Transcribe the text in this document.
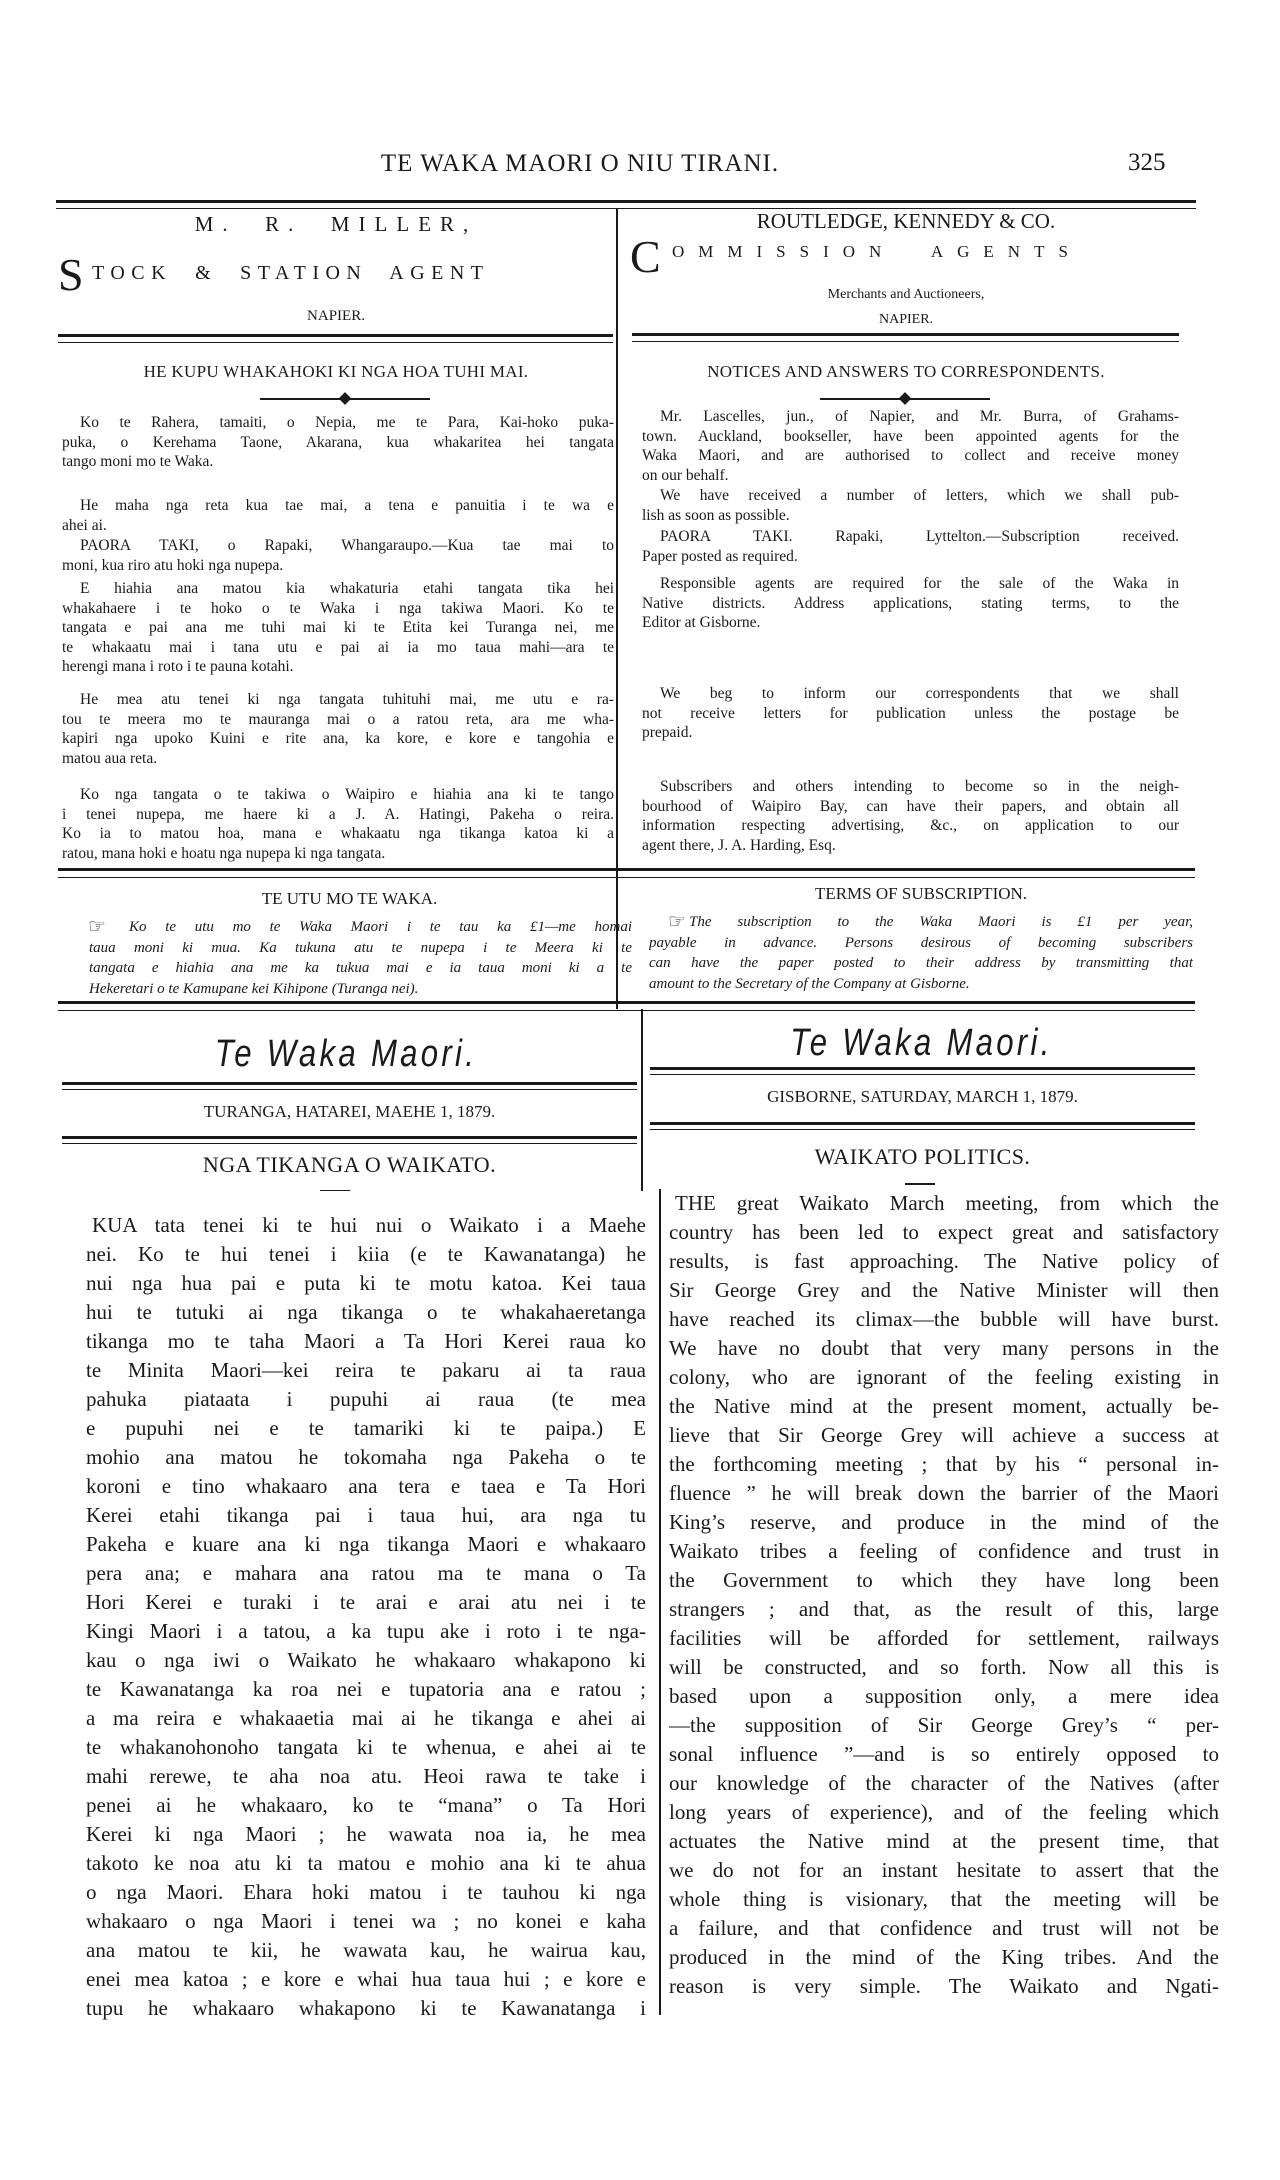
TE WAKA MAORI O NIU TIRANI.	325
M.  R.  MILLER,
S TOCK  &  STATION  AGENT
NAPIER.
ROUTLEDGE, KENNEDY & CO.
C OMMISSION  AGENTS
Merchants and Auctioneers,
NAPIER.
HE KUPU WHAKAHOKI KI NGA HOA TUHI MAI.
Ko te Rahera, tamaiti, o Nepia, me te Para, Kai-hoko puka-
puka, o Kerehama Taone, Akarana, kua whakaritea hei tangata
tango moni mo te Waka.
He maha nga reta kua tae mai, a tena e panuitia i te wa e
ahei ai.
PAORA TAKI, o Rapaki, Whangaraupo.—Kua tae mai to
moni, kua riro atu hoki nga nupepa.
E hiahia ana matou kia whakaturia etahi tangata tika hei
whakahaere i te hoko o te Waka i nga takiwa Maori. Ko te
tangata e pai ana me tuhi mai ki te Etita kei Turanga nei, me
te whakaatu mai i tana utu e pai ai ia mo taua mahi—ara te
herengi mana i roto i te pauna kotahi.
He mea atu tenei ki nga tangata tuhituhi mai, me utu e ra-
tou te meera mo te mauranga mai o a ratou reta, ara me wha-
kapiri nga upoko Kuini e rite ana, ka kore, e kore e tangohia e
matou aua reta.
Ko nga tangata o te takiwa o Waipiro e hiahia ana ki te tango
i tenei nupepa, me haere ki a J. A. Hatingi, Pakeha o reira.
Ko ia to matou hoa, mana e whakaatu nga tikanga katoa ki a
ratou, mana hoki e hoatu nga nupepa ki nga tangata.
NOTICES AND ANSWERS TO CORRESPONDENTS.
Mr. Lascelles, jun., of Napier, and Mr. Burra, of Grahams-
town. Auckland, bookseller, have been appointed agents for the
Waka Maori, and are authorised to collect and receive money
on our behalf.
We have received a number of letters, which we shall pub-
lish as soon as possible.
PAORA TAKI. Rapaki, Lyttelton.—Subscription received.
Paper posted as required.
Responsible agents are required for the sale of the Waka in
Native districts. Address applications, stating terms, to the
Editor at Gisborne.
We beg to inform our correspondents that we shall
not receive letters for publication unless the postage be
prepaid.
Subscribers and others intending to become so in the neigh-
bourhood of Waipiro Bay, can have their papers, and obtain all
information respecting advertising, &c., on application to our
agent there, J. A. Harding, Esq.
TE UTU MO TE WAKA.
☞	Ko te utu mo te Waka Maori i te tau ka £1—me homai
taua moni ki mua. Ka tukuna atu te nupepa i te Meera ki te
tangata e hiahia ana me ka tukua mai e ia taua moni ki a te
Hekeretari o te Kamupane kei Kihipone (Turanga nei).
TERMS OF SUBSCRIPTION.
☞ The subscription to the Waka Maori is £1 per year,
payable in advance. Persons desirous of becoming subscribers
can have the paper posted to their address by transmitting that
amount to the Secretary of the Company at Gisborne.
Te Waka Maori.	Te Waka Maori.
TURANGA, HATAREI, MAEHE 1, 1879.
GISBORNE, SATURDAY, MARCH 1, 1879.
NGA TIKANGA O WAIKATO.	WAIKATO POLITICS.
KUA tata tenei ki te hui nui o Waikato i a Maehe
nei. Ko te hui tenei i kiia (e te Kawanatanga) he
nui nga hua pai e puta ki te motu katoa. Kei taua
hui te tutuki ai nga tikanga o te whakahaeretanga
tikanga mo te taha Maori a Ta Hori Kerei raua ko
te Minita Maori—kei reira te pakaru ai ta raua
pahuka piataata i pupuhi ai raua (te mea
e pupuhi nei e te tamariki ki te paipa.) E
mohio ana matou he tokomaha nga Pakeha o te
koroni e tino whakaaro ana tera e taea e Ta Hori
Kerei etahi tikanga pai i taua hui, ara nga tu
Pakeha e kuare ana ki nga tikanga Maori e whakaaro
pera ana; e mahara ana ratou ma te mana o Ta
Hori Kerei e turaki i te arai e arai atu nei i te
Kingi Maori i a tatou, a ka tupu ake i roto i te nga-
kau o nga iwi o Waikato he whakaaro whakapono ki
te Kawanatanga ka roa nei e tupatoria ana e ratou ;
a ma reira e whakaaetia mai ai he tikanga e ahei ai
te whakanohonoho tangata ki te whenua, e ahei ai te
mahi rerewe, te aha noa atu. Heoi rawa te take i
penei ai he whakaaro, ko te “mana” o Ta Hori
Kerei ki nga Maori ; he wawata noa ia, he mea
takoto ke noa atu ki ta matou e mohio ana ki te ahua
o nga Maori. Ehara hoki matou i te tauhou ki nga
whakaaro o nga Maori i tenei wa ; no konei e kaha
ana matou te kii, he wawata kau, he wairua kau,
enei mea katoa ; e kore e whai hua taua hui ; e kore e
tupu he whakaaro whakapono ki te Kawanatanga i
THE great Waikato March meeting, from which the
country has been led to expect great and satisfactory
results, is fast approaching. The Native policy of
Sir George Grey and the Native Minister will then
have reached its climax—the bubble will have burst.
We have no doubt that very many persons in the
colony, who are ignorant of the feeling existing in
the Native mind at the present moment, actually be-
lieve that Sir George Grey will achieve a success at
the forthcoming meeting ; that by his “ personal in-
fluence ” he will break down the barrier of the Maori
King’s reserve, and produce in the mind of the
Waikato tribes a feeling of confidence and trust in
the Government to which they have long been
strangers ; and that, as the result of this, large
facilities will be afforded for settlement, railways
will be constructed, and so forth. Now all this is
based upon a supposition only, a mere idea
—the supposition of Sir George Grey’s “ per-
sonal influence ”—and is so entirely opposed to
our knowledge of the character of the Natives (after
long years of experience), and of the feeling which
actuates the Native mind at the present time, that
we do not for an instant hesitate to assert that the
whole thing is visionary, that the meeting will be
a failure, and that confidence and trust will not be
produced in the mind of the King tribes. And the
reason is very simple. The Waikato and Ngati-
